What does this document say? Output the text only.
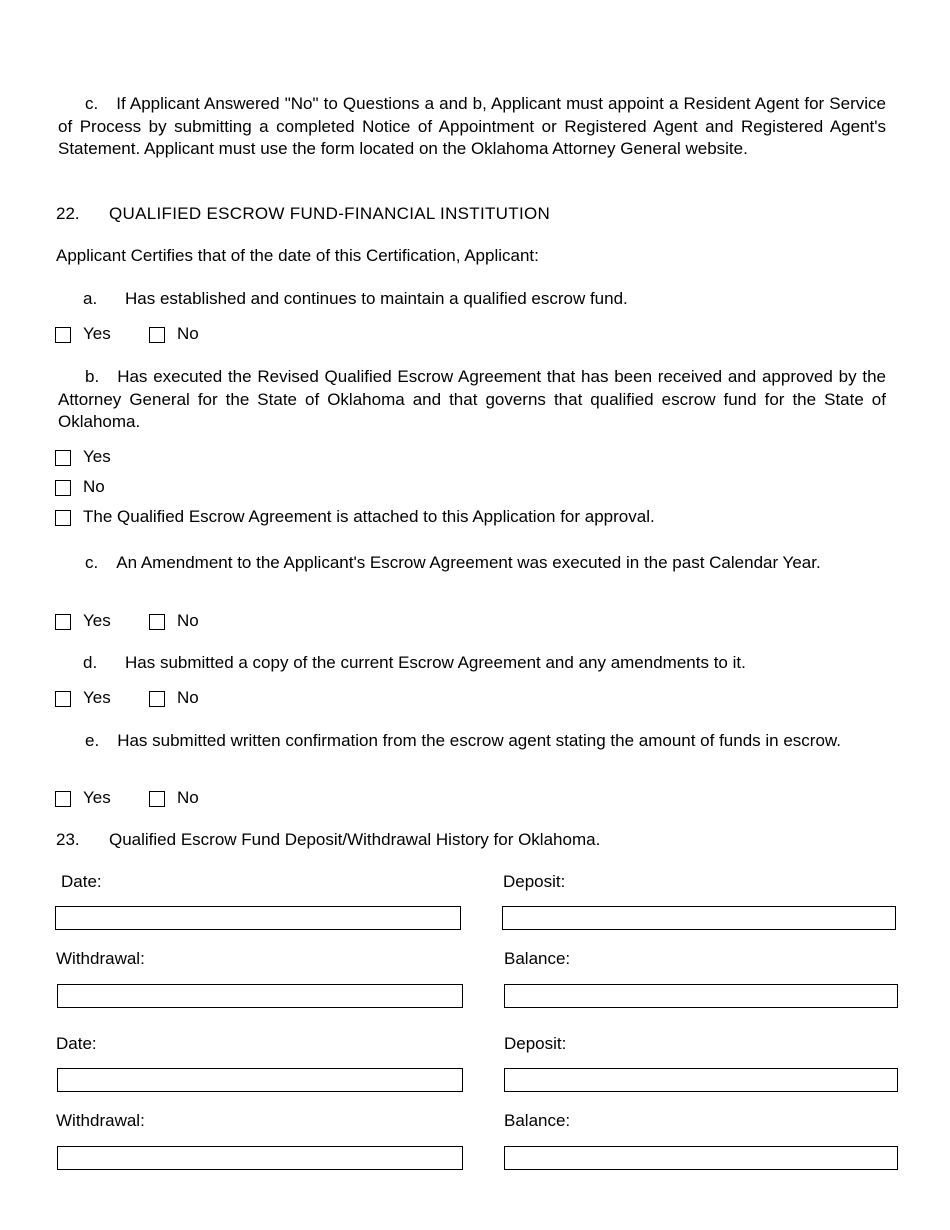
c. If Applicant Answered "No" to Questions a and b, Applicant must appoint a Resident Agent for Service of Process by submitting a completed Notice of Appointment or Registered Agent and Registered Agent's Statement. Applicant must use the form located on the Oklahoma Attorney General website.
22. QUALIFIED ESCROW FUND-FINANCIAL INSTITUTION
Applicant Certifies that of the date of this Certification, Applicant:
a. Has established and continues to maintain a qualified escrow fund.
Yes	No
b. Has executed the Revised Qualified Escrow Agreement that has been received and approved by the Attorney General for the State of Oklahoma and that governs that qualified escrow fund for the State of Oklahoma.
Yes
No
The Qualified Escrow Agreement is attached to this Application for approval.
c. An Amendment to the Applicant's Escrow Agreement was executed in the past Calendar Year.
Yes	No
d. Has submitted a copy of the current Escrow Agreement and any amendments to it.
Yes	No
e. Has submitted written confirmation from the escrow agent stating the amount of funds in escrow.
Yes	No
23. Qualified Escrow Fund Deposit/Withdrawal History for Oklahoma.
Date:	Deposit:
Withdrawal:	Balance:
Date:	Deposit:
Withdrawal:	Balance:
